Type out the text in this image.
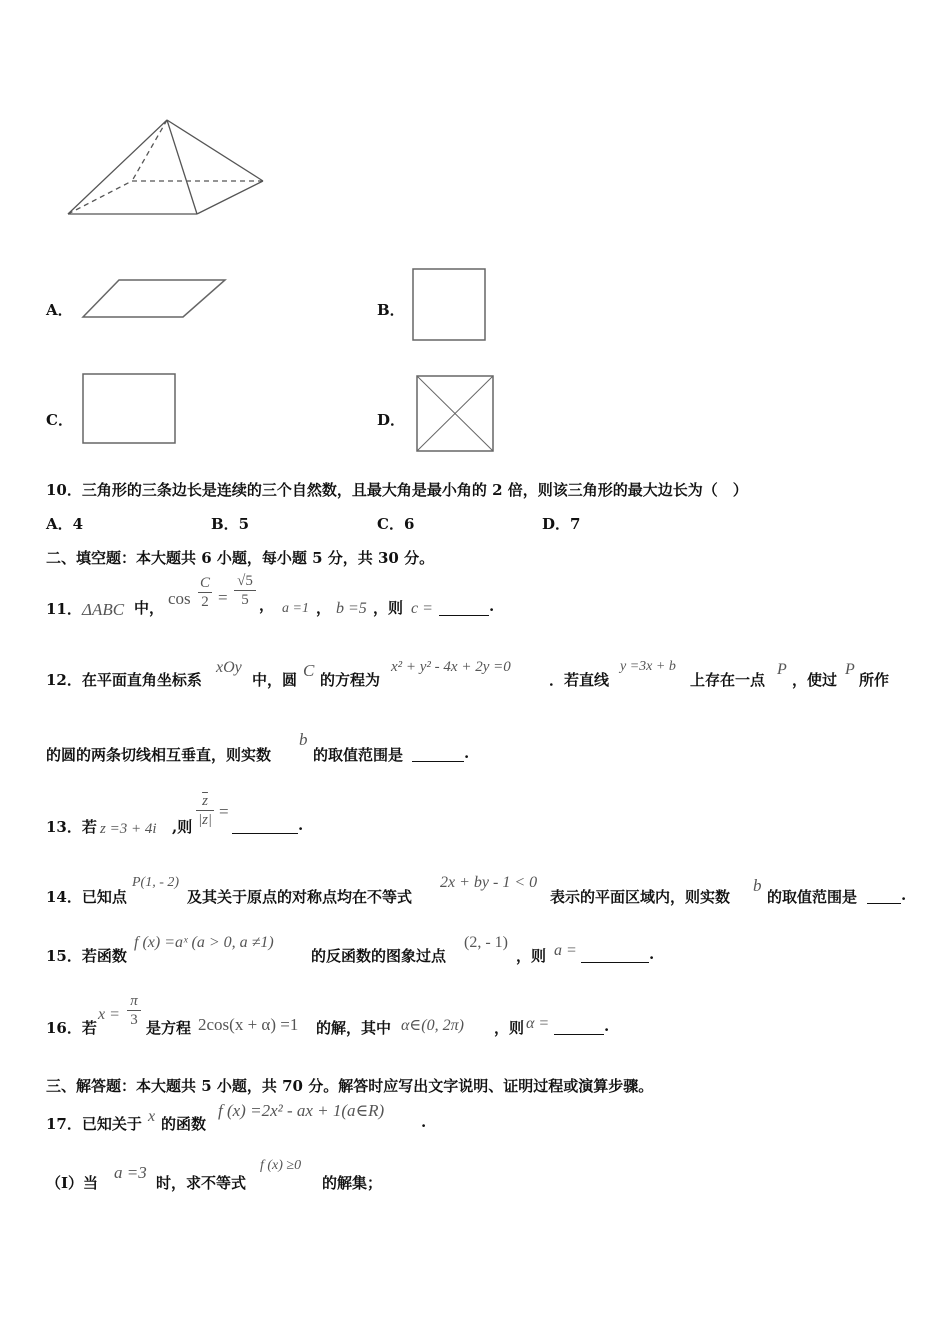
A．	B．
C．	D．
10．三角形的三条边长是连续的三个自然数，且最大角是最小角的 2 倍，则该三角形的最大边长为（　）
A．4	B．5	C．6	D．7
二、填空题：本大题共 6 小题，每小题 5 分，共 30 分。
11． ΔABC 中， $\cos \frac{C}{2} = \frac{√5}{5}$ ， a =1 ， b =5 ，则 c =	.
12．在平面直角坐标系
xOy
中，圆 C 的方程为
x² + y² - 4x + 2y =0
．若直线
y =3x + b
上存在一点
P
，使过
P
所作
的圆的两条切线相互垂直，则实数
b
的取值范围是	.
13．若 z =3 + 4i ,则 $\frac{\overline{z}}{|z|}$ =
.
14．已知点
P(1, - 2)
及其关于原点的对称点均在不等式
2x + by - 1 < 0
表示的平面区域内，则实数
b
的取值范围是	.
15．若函数
f (x) =aˣ (a > 0, a ≠1)
的反函数的图象过点
(2, - 1)
，则 a =	.
16．若
$x = \frac{\pi}{3}$ 是方程 2cos(x + α) =1 的解，其中 α∈(0, 2π) ，则 α =	.
三、解答题：本大题共 5 小题，共 70 分。解答时应写出文字说明、证明过程或演算步骤。
17．已知关于 x 的函数
f (x) =2x² - ax + 1(a∈R)
.
（Ⅰ）当
a =3
时，求不等式
f (x) ≥0
的解集；
